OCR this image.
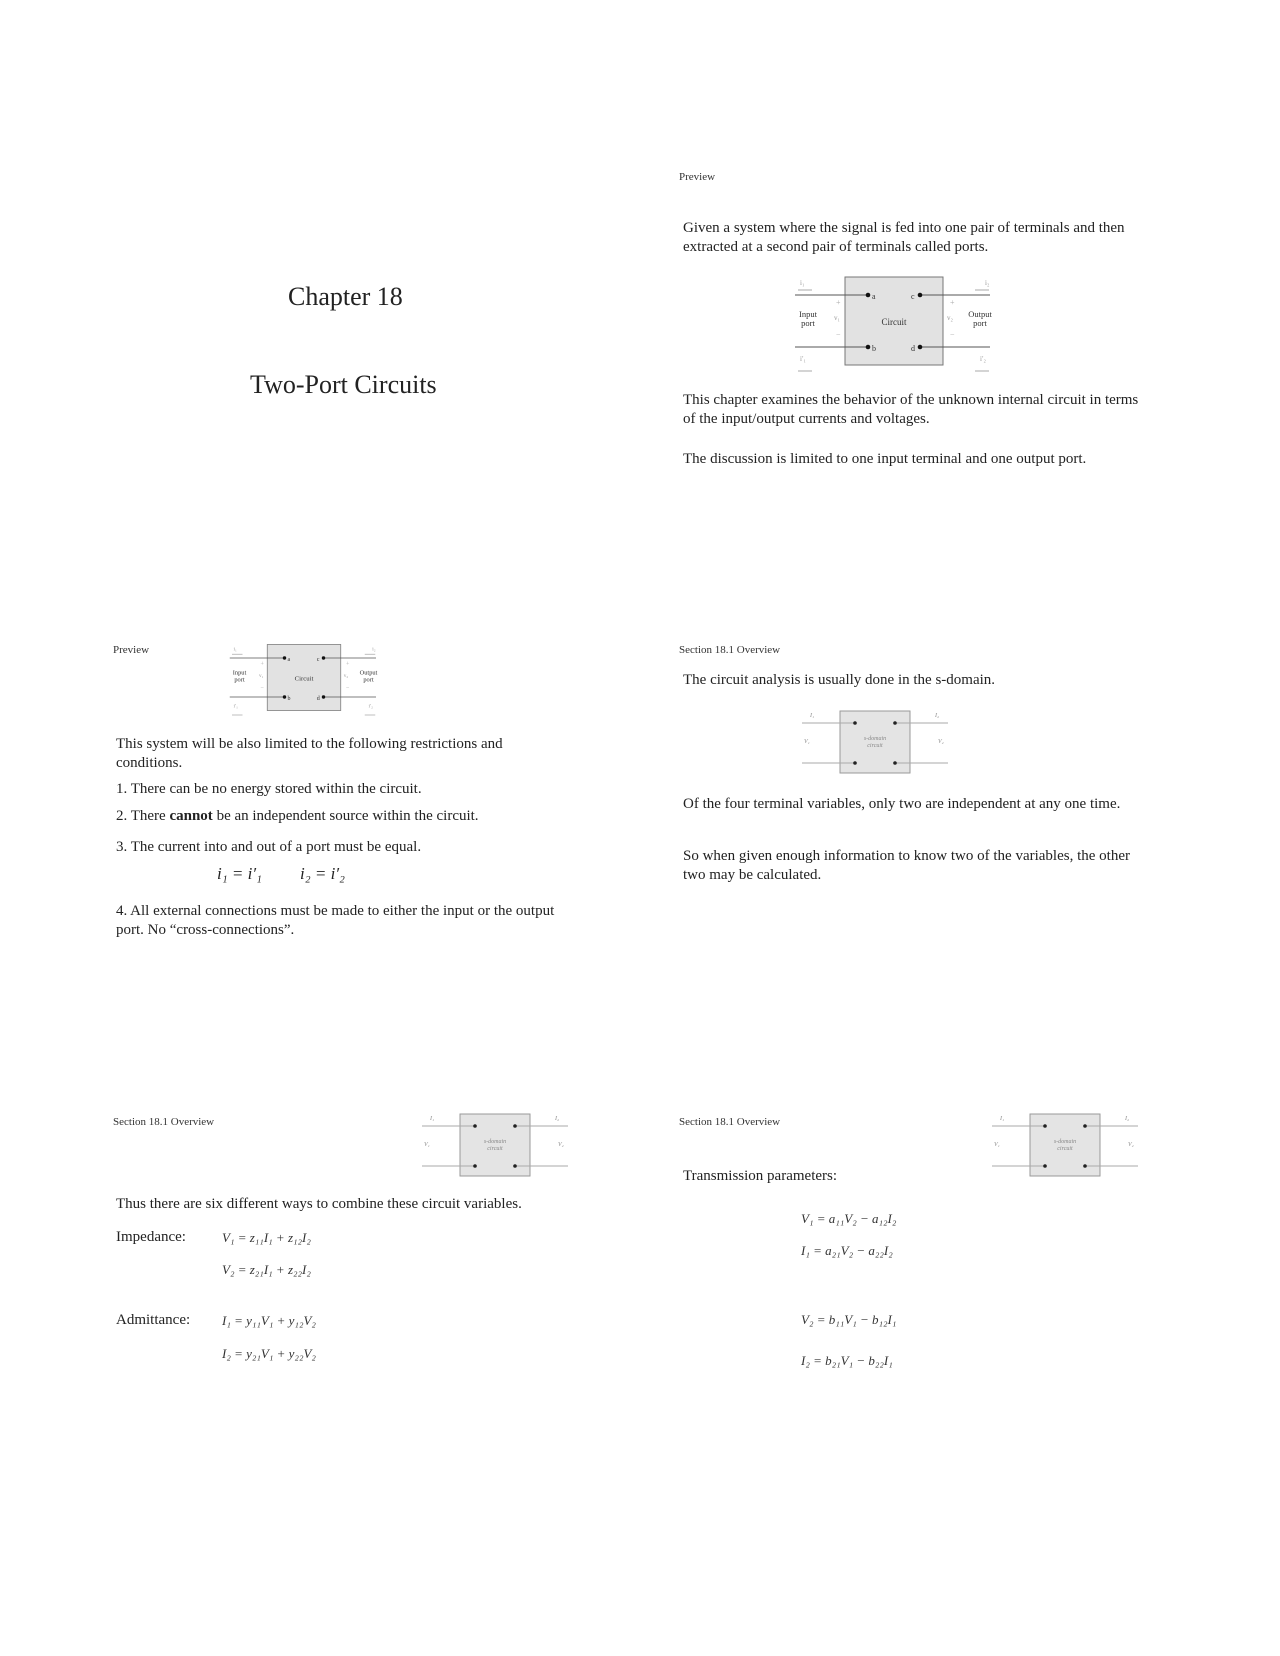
Chapter 18
Two-Port Circuits
Preview
Given a system where the signal is fed into one pair of terminals and then extracted at a second pair of terminals called ports.
a
b
c
d
Circuit
Input
port
Output
port
v₁	v₂
+
−
+
−
i₁	i₂
i′₁	i′₂
This chapter examines the behavior of the unknown internal circuit in terms of the input/output currents and voltages.
The discussion is limited to one input terminal and one output port.
Preview
a
b
c
d
Circuit
Input
port
Output
port
v₁	v₂
+
−
+
−
i₁	i₂
i′₁	i′₂
This system will be also limited to the following restrictions and conditions.
1. There can be no energy stored within the circuit.
2. There cannot be an independent source within the circuit.
3. The current into and out of a port must be equal.
i₁ = i′₁ i₂ = i′₂
4. All external connections must be made to either the input or the output port. No “cross-connections”.
Section 18.1 Overview
The circuit analysis is usually done in the s-domain.
s-domain
circuit
I₁	I₂
V₁	V₂
Of the four terminal variables, only two are independent at any one time.
So when given enough information to know two of the variables, the other two may be calculated.
Section 18.1 Overview
s-domain
circuit
I₁	I₂
V₁	V₂
Thus there are six different ways to combine these circuit variables.
Impedance:	V₁ = z₁₁I₁ + z₁₂I₂
V₂ = z₂₁I₁ + z₂₂I₂
Admittance: I₁ = y₁₁V₁ + y₁₂V₂
I₂ = y₂₁V₁ + y₂₂V₂
Section 18.1 Overview
s-domain
circuit
I₁	I₂
V₁	V₂
Transmission parameters:
V₁ = a₁₁V₂ − a₁₂I₂
I₁ = a₂₁V₂ − a₂₂I₂
V₂ = b₁₁V₁ − b₁₂I₁
I₂ = b₂₁V₁ − b₂₂I₁
